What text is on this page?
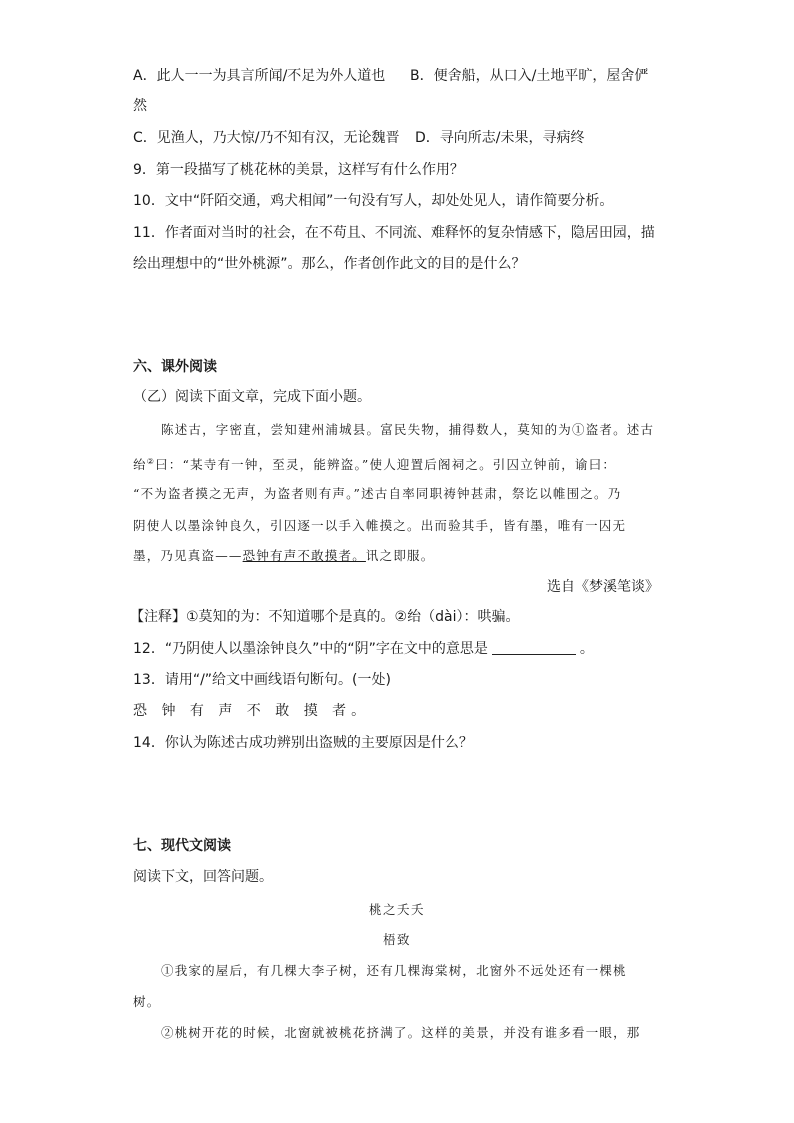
A．此人一一为具言所闻/不足为外人道也 B．便舍船，从口入/土地平旷，屋舍俨
然
C．见渔人，乃大惊/乃不知有汉，无论魏晋 D．寻向所志/未果，寻病终
9．第一段描写了桃花林的美景，这样写有什么作用？
10．文中“阡陌交通，鸡犬相闻”一句没有写人，却处处见人，请作简要分析。
11．作者面对当时的社会，在不苟且、不同流、难释怀的复杂情感下，隐居田园，描
绘出理想中的“世外桃源”。那么，作者创作此文的目的是什么？
六、课外阅读
（乙）阅读下面文章，完成下面小题。
陈述古，字密直，尝知建州浦城县。富民失物，捕得数人，莫知的为①盗者。述古
绐②曰：“某寺有一钟，至灵，能辨盗。”使人迎置后阁祠之。引囚立钟前，谕曰：
“不为盗者摸之无声，为盗者则有声。”述古自率同职祷钟甚肃，祭讫以帷围之。乃
阴使人以墨涂钟良久，引囚逐一以手入帷摸之。出而验其手，皆有墨，唯有一囚无
墨，乃见真盗——恐钟有声不敢摸者。讯之即服。
选自《梦溪笔谈》
【注释】①莫知的为：不知道哪个是真的。②绐（dài）：哄骗。
12．“乃阴使人以墨涂钟良久”中的“阴”字在文中的意思是	。
13．请用“/”给文中画线语句断句。(一处)
恐 钟 有 声 不 敢 摸 者。
14．你认为陈述古成功辨别出盗贼的主要原因是什么？
七、现代文阅读
阅读下文，回答问题。
桃之夭夭
梧致
①我家的屋后，有几棵大李子树，还有几棵海棠树，北窗外不远处还有一棵桃
树。
②桃树开花的时候，北窗就被桃花挤满了。这样的美景，并没有谁多看一眼，那
